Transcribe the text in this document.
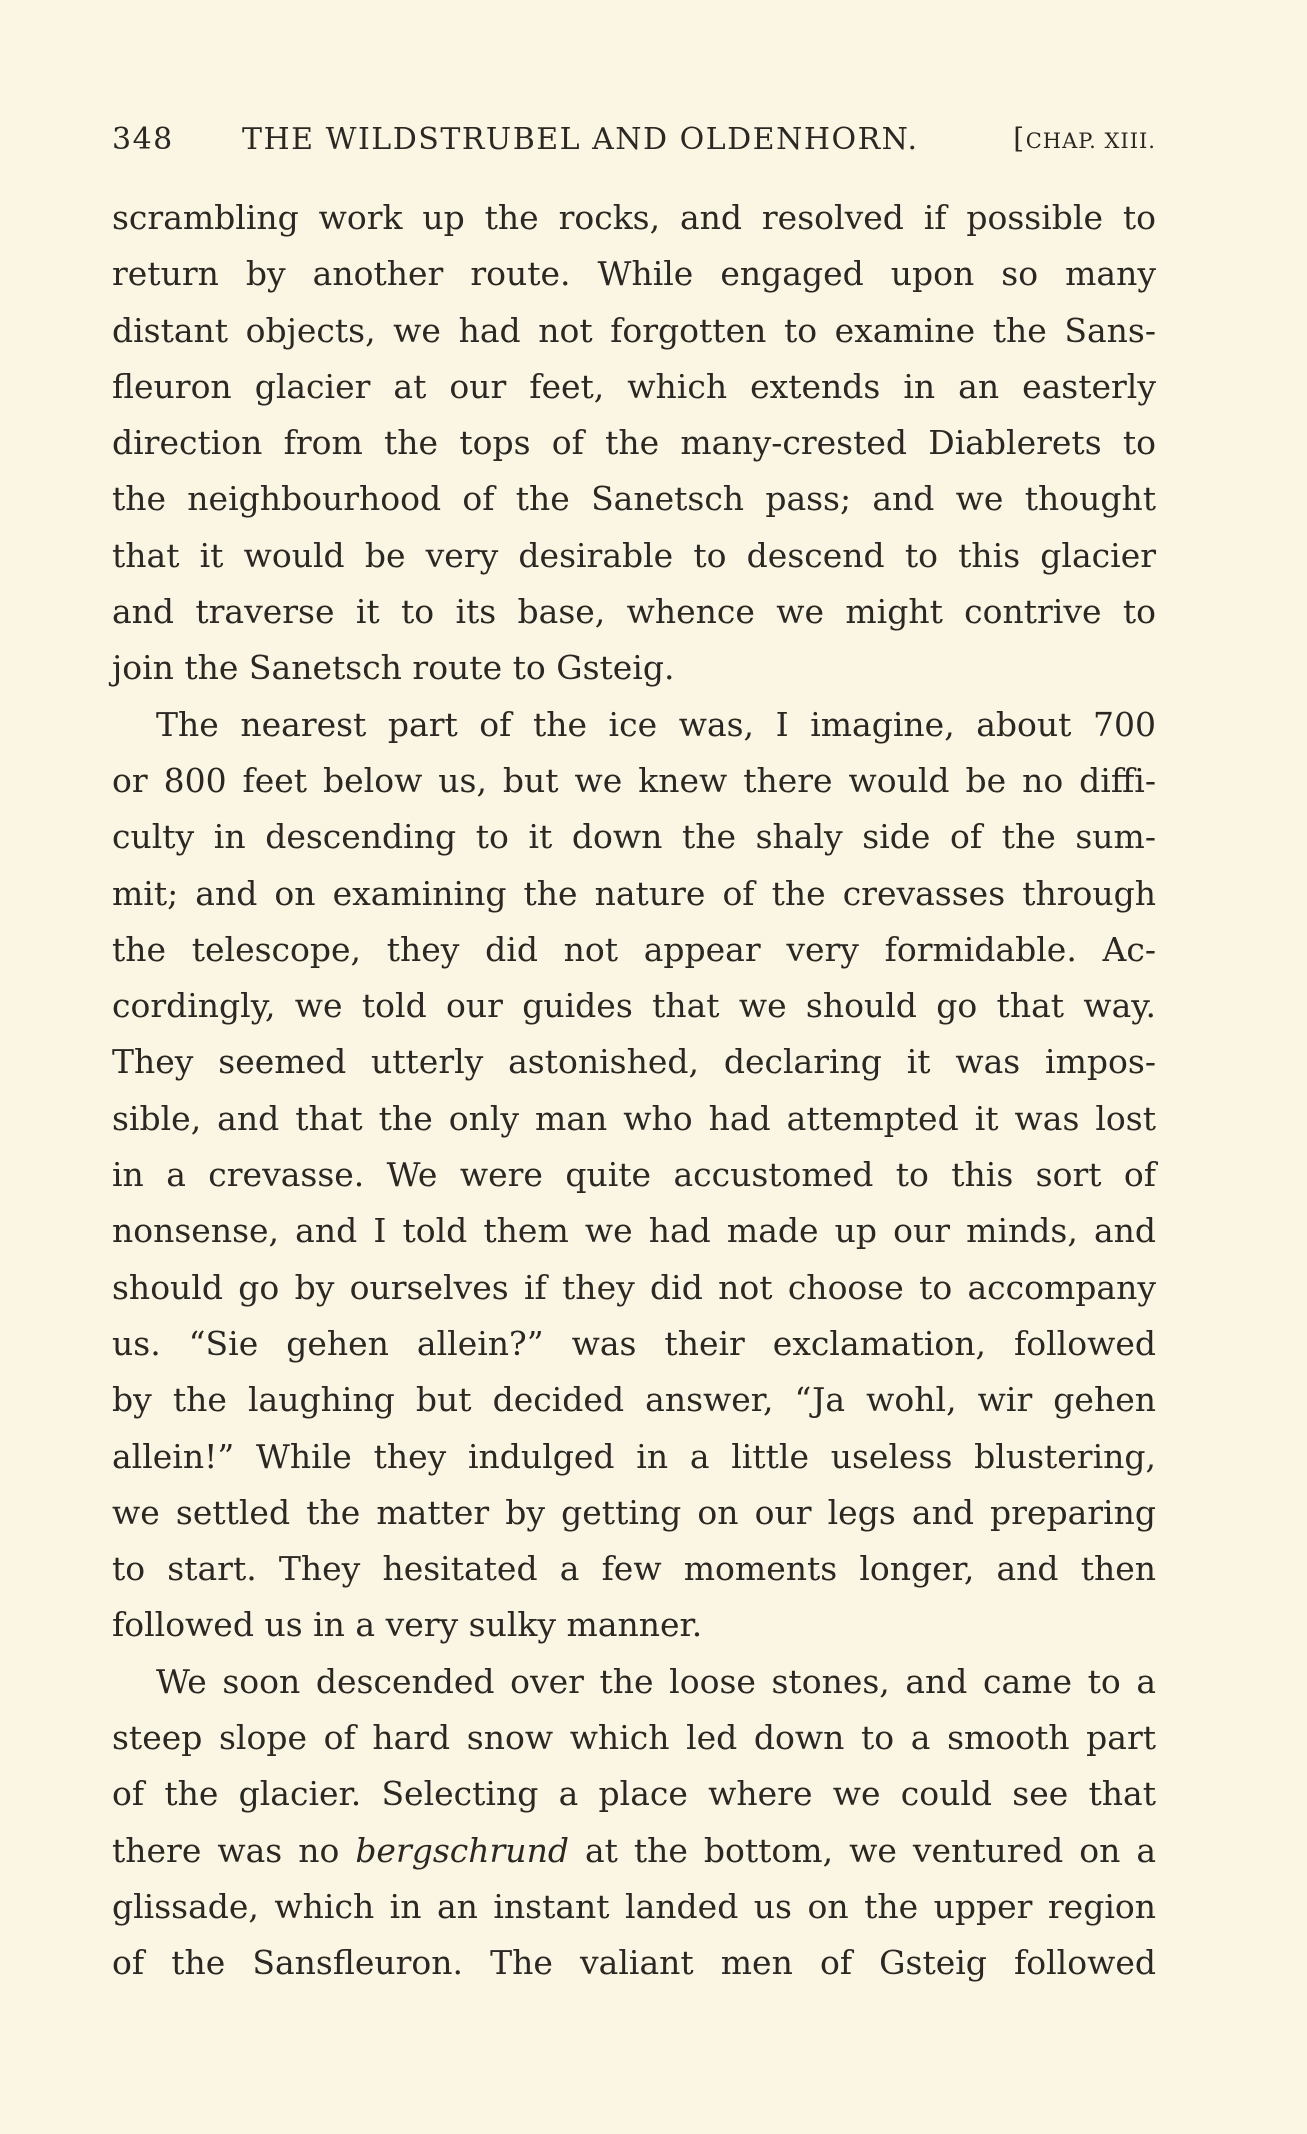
348 THE WILDSTRUBEL AND OLDENHORN.	[CHAP. XIII.
scrambling work up the rocks, and resolved if possible to
return by another route. While engaged upon so many
distant objects, we had not forgotten to examine the Sans-
fleuron glacier at our feet, which extends in an easterly
direction from the tops of the many-crested Diablerets to
the neighbourhood of the Sanetsch pass; and we thought
that it would be very desirable to descend to this glacier
and traverse it to its base, whence we might contrive to
join the Sanetsch route to Gsteig.
The nearest part of the ice was, I imagine, about 700
or 800 feet below us, but we knew there would be no diffi-
culty in descending to it down the shaly side of the sum-
mit; and on examining the nature of the crevasses through
the telescope, they did not appear very formidable. Ac-
cordingly, we told our guides that we should go that way.
They seemed utterly astonished, declaring it was impos-
sible, and that the only man who had attempted it was lost
in a crevasse. We were quite accustomed to this sort of
nonsense, and I told them we had made up our minds, and
should go by ourselves if they did not choose to accompany
us. “Sie gehen allein?” was their exclamation, followed
by the laughing but decided answer, “Ja wohl, wir gehen
allein!” While they indulged in a little useless blustering,
we settled the matter by getting on our legs and preparing
to start. They hesitated a few moments longer, and then
followed us in a very sulky manner.
We soon descended over the loose stones, and came to a
steep slope of hard snow which led down to a smooth part
of the glacier. Selecting a place where we could see that
there was no bergschrund at the bottom, we ventured on a
glissade, which in an instant landed us on the upper region
of the Sansfleuron. The valiant men of Gsteig followed
